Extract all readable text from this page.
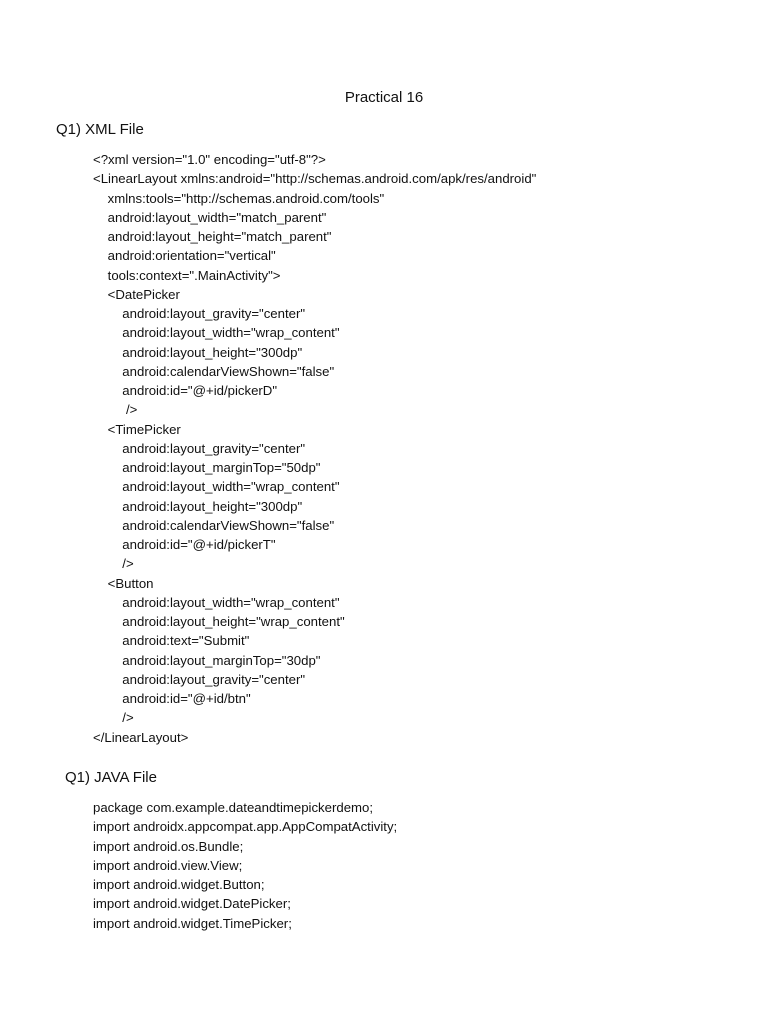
Practical 16
Q1) XML File
<?xml version="1.0" encoding="utf-8"?>
<LinearLayout xmlns:android="http://schemas.android.com/apk/res/android"
xmlns:tools="http://schemas.android.com/tools"
android:layout_width="match_parent"
android:layout_height="match_parent"
android:orientation="vertical"
tools:context=".MainActivity">
<DatePicker
android:layout_gravity="center"
android:layout_width="wrap_content"
android:layout_height="300dp"
android:calendarViewShown="false"
android:id="@+id/pickerD"
/>
<TimePicker
android:layout_gravity="center"
android:layout_marginTop="50dp"
android:layout_width="wrap_content"
android:layout_height="300dp"
android:calendarViewShown="false"
android:id="@+id/pickerT"
/>
<Button
android:layout_width="wrap_content"
android:layout_height="wrap_content"
android:text="Submit"
android:layout_marginTop="30dp"
android:layout_gravity="center"
android:id="@+id/btn"
/>
</LinearLayout>
Q1) JAVA File
package com.example.dateandtimepickerdemo;
import androidx.appcompat.app.AppCompatActivity;
import android.os.Bundle;
import android.view.View;
import android.widget.Button;
import android.widget.DatePicker;
import android.widget.TimePicker;
